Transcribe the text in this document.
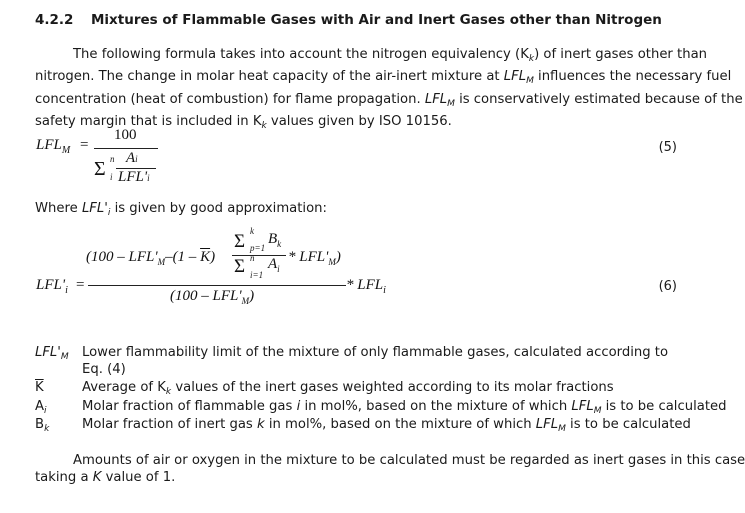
4.2.2 Mixtures of Flammable Gases with Air and Inert Gases other than Nitrogen
The following formula takes into account the nitrogen equivalency $(K_k)$ of inert gases other than
nitrogen. The change in molar heat capacity of the air-inert mixture at $LFL_M$ influences the necessary fuel
concentration (heat of combustion) for flame propagation. $LFL_M$ is conservatively estimated because of the
safety margin that is included in $K_k$ values given by ISO 10156.
$LFL_M$ =
100
Σ n
i
Ai
LFL'i
(5)
Where $LFL'_i$ is given by good approximation:
$LFL'_i$ =
($100 - LFL'_M-(1 - \overline{K})$
Σ k
p=1
$B_k$
Σ n
i=1
$A_i$
* $LFL'_M$)
$(100 - LFL'_M)$
* $LFL_i$	(6)
$LFL'_M$ Lower flammability limit of the mixture of only flammable gases, calculated according to
Eq. (4)
$\overline{K}$	Average of $K_k$ values of the inert gases weighted according to its molar fractions
$A_i$	Molar fraction of flammable gas i in mol%, based on the mixture of which $LFL_M$ is to be calculated
$B_k$ Molar fraction of inert gas k in mol%, based on the mixture of which $LFL_M$ is to be calculated
Amounts of air or oxygen in the mixture to be calculated must be regarded as inert gases in this case
taking a K value of 1.
